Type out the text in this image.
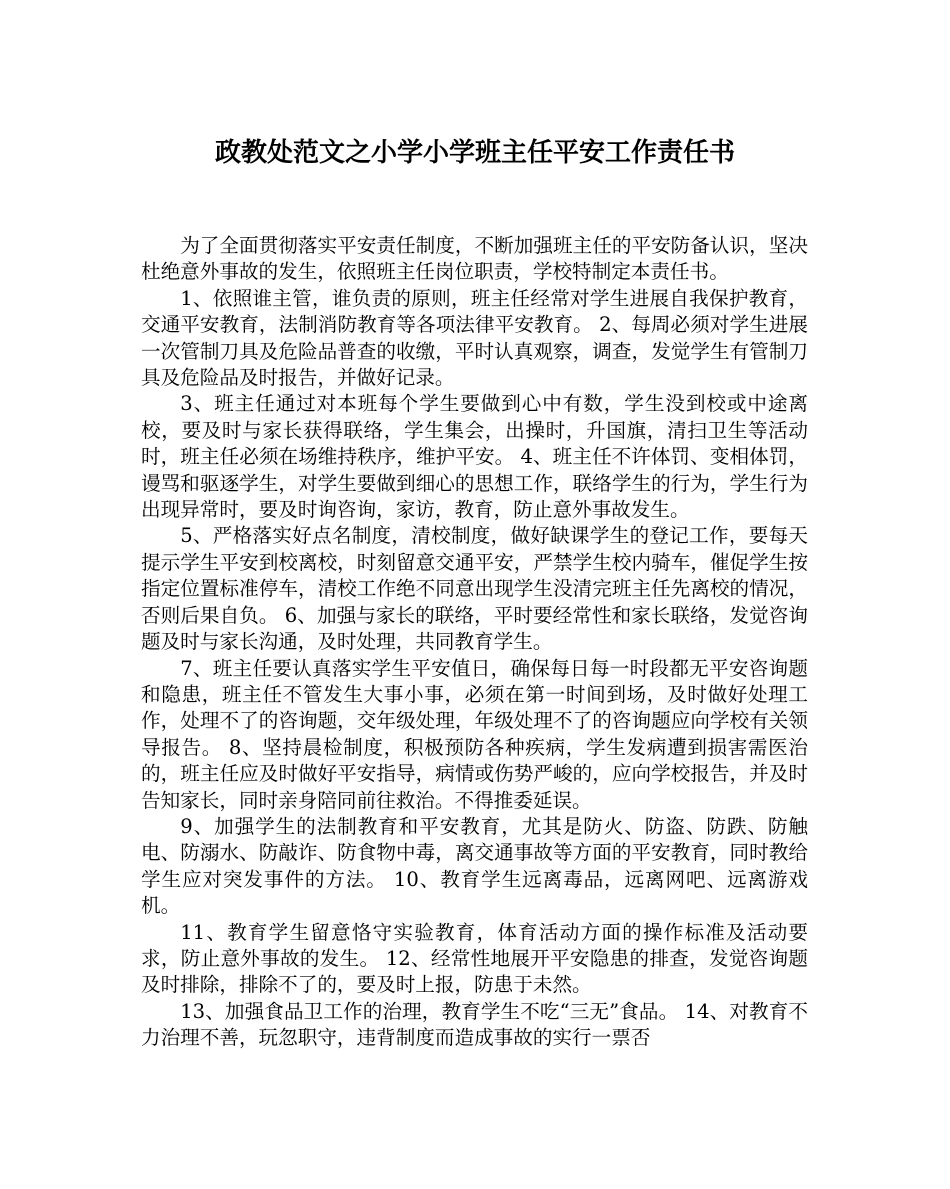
政教处范文之小学小学班主任平安工作责任书

为了全面贯彻落实平安责任制度，不断加强班主任的平安防备认识，坚决杜绝意外事故的发生，依照班主任岗位职责，学校特制定本责任书。

1、依照谁主管，谁负责的原则，班主任经常对学生进展自我保护教育，交通平安教育，法制消防教育等各项法律平安教育。 2、每周必须对学生进展一次管制刀具及危险品普查的收缴，平时认真观察，调查，发觉学生有管制刀具及危险品及时报告，并做好记录。

3、班主任通过对本班每个学生要做到心中有数，学生没到校或中途离校，要及时与家长获得联络，学生集会，出操时，升国旗，清扫卫生等活动时，班主任必须在场维持秩序，维护平安。 4、班主任不许体罚、变相体罚，谩骂和驱逐学生，对学生要做到细心的思想工作，联络学生的行为，学生行为出现异常时，要及时询咨询，家访，教育，防止意外事故发生。

5、严格落实好点名制度，清校制度，做好缺课学生的登记工作，要每天提示学生平安到校离校，时刻留意交通平安，严禁学生校内骑车，催促学生按指定位置标准停车，清校工作绝不同意出现学生没清完班主任先离校的情况，否则后果自负。 6、加强与家长的联络，平时要经常性和家长联络，发觉咨询题及时与家长沟通，及时处理，共同教育学生。

7、班主任要认真落实学生平安值日，确保每日每一时段都无平安咨询题和隐患，班主任不管发生大事小事，必须在第一时间到场，及时做好处理工作，处理不了的咨询题，交年级处理，年级处理不了的咨询题应向学校有关领导报告。 8、坚持晨检制度，积极预防各种疾病，学生发病遭到损害需医治的，班主任应及时做好平安指导，病情或伤势严峻的，应向学校报告，并及时告知家长，同时亲身陪同前往救治。不得推委延误。

9、加强学生的法制教育和平安教育，尤其是防火、防盗、防跌、防触电、防溺水、防敲诈、防食物中毒，离交通事故等方面的平安教育，同时教给学生应对突发事件的方法。 10、教育学生远离毒品，远离网吧、远离游戏机。

11、教育学生留意恪守实验教育，体育活动方面的操作标准及活动要求，防止意外事故的发生。 12、经常性地展开平安隐患的排查，发觉咨询题及时排除，排除不了的，要及时上报，防患于未然。

13、加强食品卫工作的治理，教育学生不吃“三无”食品。 14、对教育不力治理不善，玩忽职守，违背制度而造成事故的实行一票否
